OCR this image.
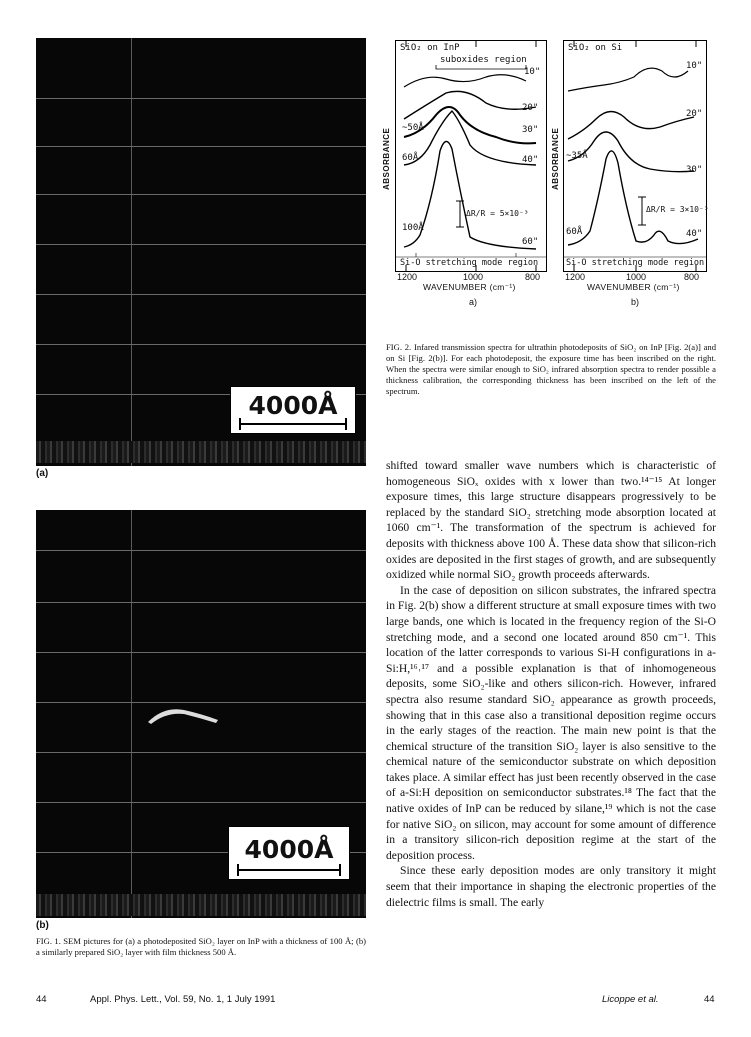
4000Å
(a)
4000Å
(b)

FIG. 1. SEM pictures for (a) a photodeposited SiO₂ layer on InP with a thickness of 100 Å; (b) a similarly prepared SiO₂ layer with film thickness 500 Å.

SiO₂ on InP
suboxides region
10"
20"
30"
40"
60"
~50Å
60Å
100Å
ΔR/R = 5×10⁻³
Si-O stretching mode region
ABSORBANCE
1200	1000	800
WAVENUMBER (cm⁻¹)
a)
SiO₂ on Si
10"
20"
30"
40"
~35Å
60Å
ΔR/R = 3×10⁻³
Si-O stretching mode region
ABSORBANCE
1200	1000	800
WAVENUMBER (cm⁻¹)
b)

FIG. 2. Infared transmission spectra for ultrathin photodeposits of SiO₂ on InP [Fig. 2(a)] and on Si [Fig. 2(b)]. For each photodeposit, the exposure time has been inscribed on the right. When the spectra were similar enough to SiO₂ infrared absorption spectra to render possible a thickness calibration, the corresponding thickness has been inscribed on the left of the spectrum.

shifted toward smaller wave numbers which is characteristic of homogeneous SiOₓ oxides with x lower than two.¹⁴⁻¹⁵ At longer exposure times, this large structure disappears progressively to be replaced by the standard SiO₂ stretching mode absorption located at 1060 cm⁻¹. The transformation of the spectrum is achieved for deposits with thickness above 100 Å. These data show that silicon-rich oxides are deposited in the first stages of growth, and are subsequently oxidized while normal SiO₂ growth proceeds afterwards.

In the case of deposition on silicon substrates, the infrared spectra in Fig. 2(b) show a different structure at small exposure times with two large bands, one which is located in the frequency region of the Si-O stretching mode, and a second one located around 850 cm⁻¹. This location of the latter corresponds to various Si-H configurations in a-Si:H,¹⁶˒¹⁷ and a possible explanation is that of inhomogeneous deposits, some SiO₂-like and others silicon-rich. However, infrared spectra also resume standard SiO₂ appearance as growth proceeds, showing that in this case also a transitional deposition regime occurs in the early stages of the reaction. The main new point is that the chemical structure of the transition SiO₂ layer is also sensitive to the chemical nature of the semiconductor substrate on which deposition takes place. A similar effect has just been recently observed in the case of a-Si:H deposition on semiconductor substrates.¹⁸ The fact that the native oxides of InP can be reduced by silane,¹⁹ which is not the case for native SiO₂ on silicon, may account for some amount of difference in a transitory silicon-rich deposition regime at the start of the deposition process.

Since these early deposition modes are only transitory it might seem that their importance in shaping the electronic properties of the dielectric films is small. The early

44	Appl. Phys. Lett., Vol. 59, No. 1, 1 July 1991	Licoppe et al.	44
